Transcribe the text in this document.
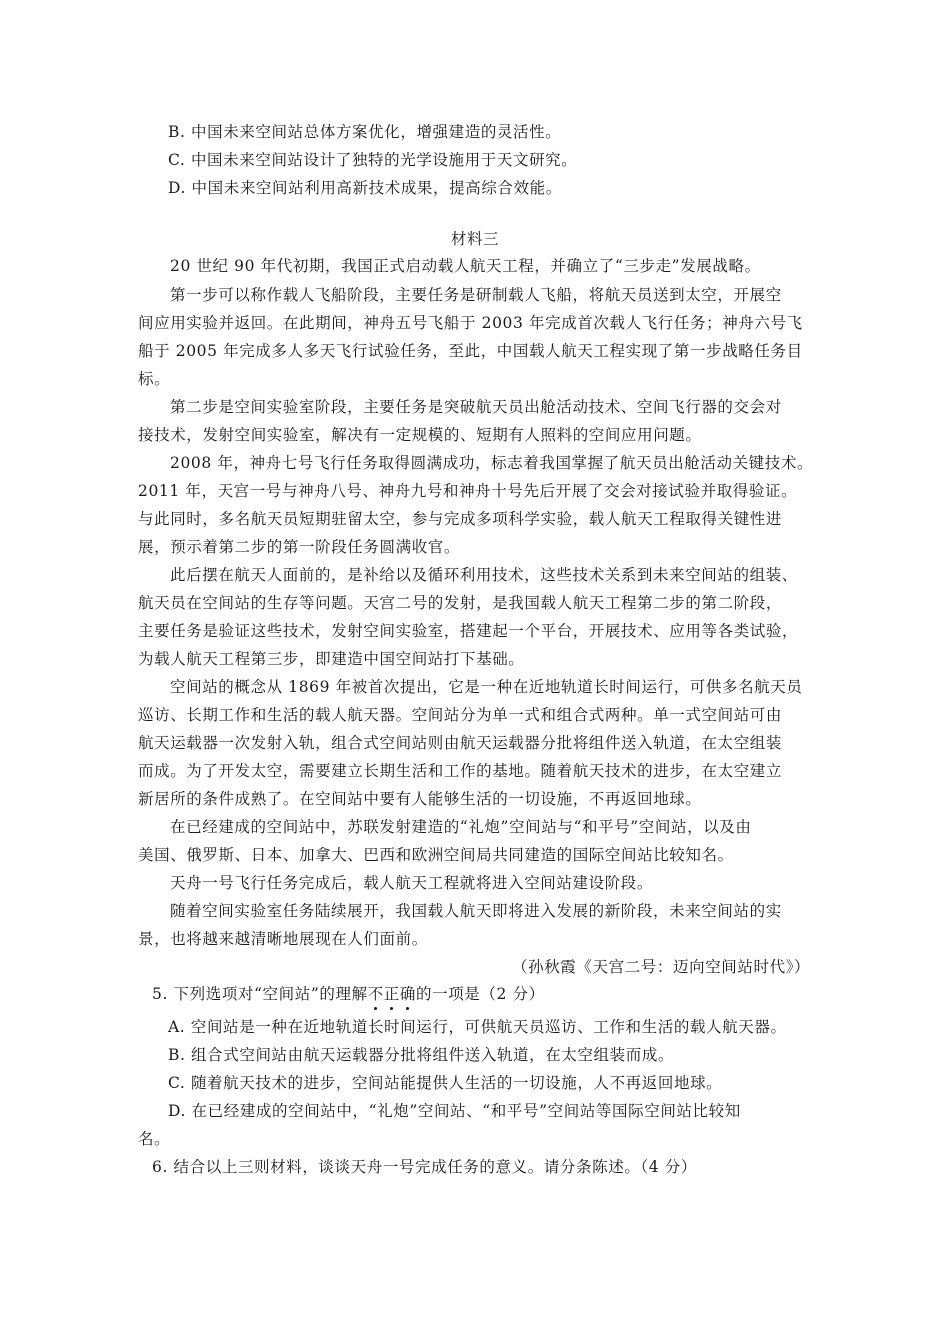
B. 中国未来空间站总体方案优化，增强建造的灵活性。
C. 中国未来空间站设计了独特的光学设施用于天文研究。
D. 中国未来空间站利用高新技术成果，提高综合效能。
材料三
20 世纪 90 年代初期，我国正式启动载人航天工程，并确立了“三步走”发展战略。
第一步可以称作载人飞船阶段，主要任务是研制载人飞船，将航天员送到太空，开展空
间应用实验并返回。在此期间，神舟五号飞船于 2003 年完成首次载人飞行任务；神舟六号飞
船于 2005 年完成多人多天飞行试验任务，至此，中国载人航天工程实现了第一步战略任务目
标。
第二步是空间实验室阶段，主要任务是突破航天员出舱活动技术、空间飞行器的交会对
接技术，发射空间实验室，解决有一定规模的、短期有人照料的空间应用问题。
2008 年，神舟七号飞行任务取得圆满成功，标志着我国掌握了航天员出舱活动关键技术。
2011 年，天宫一号与神舟八号、神舟九号和神舟十号先后开展了交会对接试验并取得验证。
与此同时，多名航天员短期驻留太空，参与完成多项科学实验，载人航天工程取得关键性进
展，预示着第二步的第一阶段任务圆满收官。
此后摆在航天人面前的，是补给以及循环利用技术，这些技术关系到未来空间站的组装、
航天员在空间站的生存等问题。天宫二号的发射，是我国载人航天工程第二步的第二阶段，
主要任务是验证这些技术，发射空间实验室，搭建起一个平台，开展技术、应用等各类试验，
为载人航天工程第三步，即建造中国空间站打下基础。
空间站的概念从 1869 年被首次提出，它是一种在近地轨道长时间运行，可供多名航天员
巡访、长期工作和生活的载人航天器。空间站分为单一式和组合式两种。单一式空间站可由
航天运载器一次发射入轨，组合式空间站则由航天运载器分批将组件送入轨道，在太空组装
而成。为了开发太空，需要建立长期生活和工作的基地。随着航天技术的进步，在太空建立
新居所的条件成熟了。在空间站中要有人能够生活的一切设施，不再返回地球。
在已经建成的空间站中，苏联发射建造的“礼炮”空间站与“和平号”空间站，以及由
美国、俄罗斯、日本、加拿大、巴西和欧洲空间局共同建造的国际空间站比较知名。
天舟一号飞行任务完成后，载人航天工程就将进入空间站建设阶段。
随着空间实验室任务陆续展开，我国载人航天即将进入发展的新阶段，未来空间站的实
景，也将越来越清晰地展现在人们面前。
（孙秋霞《天宫二号：迈向空间站时代》）
5. 下列选项对“空间站”的理解不正确的一项是（2 分）
A. 空间站是一种在近地轨道长时间运行，可供航天员巡访、工作和生活的载人航天器。
B. 组合式空间站由航天运载器分批将组件送入轨道，在太空组装而成。
C. 随着航天技术的进步，空间站能提供人生活的一切设施，人不再返回地球。
D. 在已经建成的空间站中，“礼炮”空间站、“和平号”空间站等国际空间站比较知
名。
6. 结合以上三则材料，谈谈天舟一号完成任务的意义。请分条陈述。（4 分）
